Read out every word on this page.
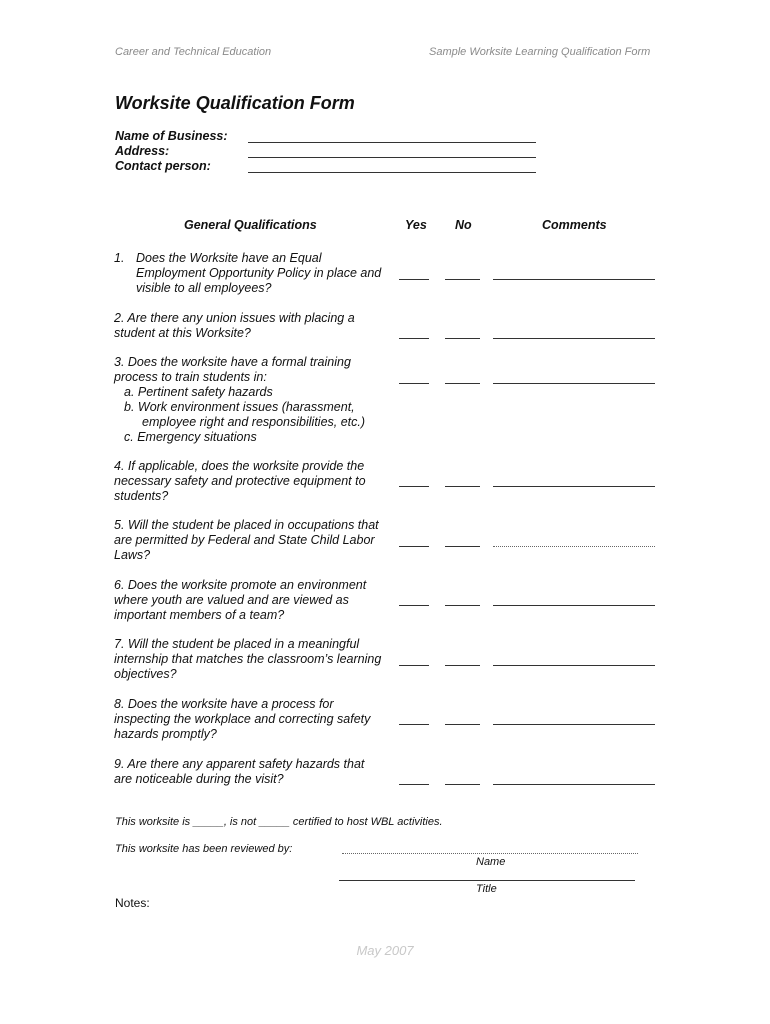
Career and Technical Education	Sample Worksite Learning Qualification Form
Worksite Qualification Form
Name of Business:
Address:
Contact person:
General Qualifications	Yes No	Comments
1. Does the Worksite have an Equal
Employment Opportunity Policy in place and
visible to all employees?
2. Are there any union issues with placing a
student at this Worksite?
3. Does the worksite have a formal training
process to train students in:
a. Pertinent safety hazards
b. Work environment issues (harassment,
employee right and responsibilities, etc.)
c. Emergency situations
4. If applicable, does the worksite provide the
necessary safety and protective equipment to
students?
5. Will the student be placed in occupations that
are permitted by Federal and State Child Labor
Laws?
6. Does the worksite promote an environment
where youth are valued and are viewed as
important members of a team?
7. Will the student be placed in a meaningful
internship that matches the classroom’s learning
objectives?
8. Does the worksite have a process for
inspecting the workplace and correcting safety
hazards promptly?
9. Are there any apparent safety hazards that
are noticeable during the visit?
This worksite is _____, is not _____ certified to host WBL activities.
This worksite has been reviewed by:
Name
Title
Notes:
May 2007
